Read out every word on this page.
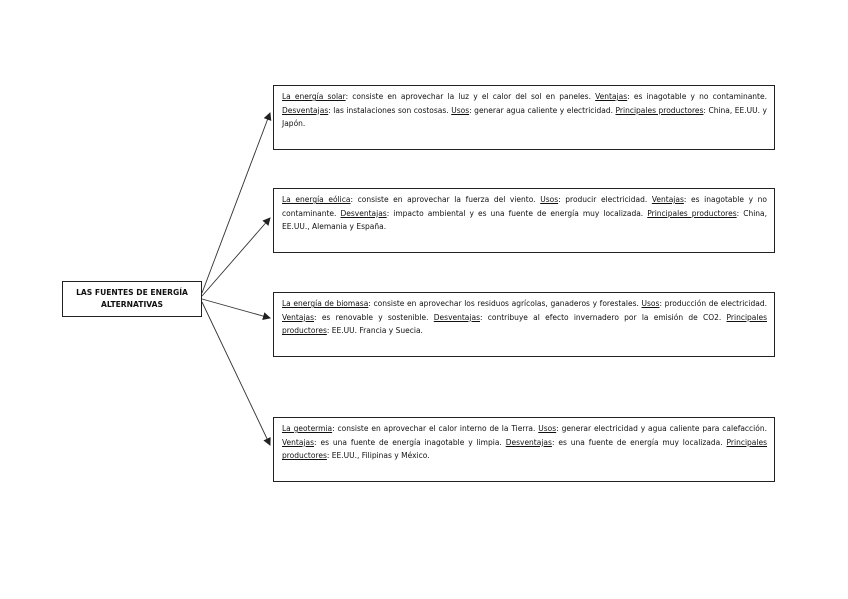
LAS FUENTES DE ENERGÍA
ALTERNATIVAS
La energía solar: consiste en aprovechar la luz y el calor del sol en paneles. Ventajas: es inagotable y no contaminante. Desventajas: las instalaciones son costosas. Usos: generar agua caliente y electricidad. Principales productores: China, EE.UU. y Japón.
La energía eólica: consiste en aprovechar la fuerza del viento. Usos: producir electricidad. Ventajas: es inagotable y no contaminante. Desventajas: impacto ambiental y es una fuente de energía muy localizada. Principales productores: China, EE.UU., Alemania y España.
La energía de biomasa: consiste en aprovechar los residuos agrícolas, ganaderos y forestales. Usos: producción de electricidad. Ventajas: es renovable y sostenible. Desventajas: contribuye al efecto invernadero por la emisión de CO2. Principales productores: EE.UU. Francia y Suecia.
La geotermia: consiste en aprovechar el calor interno de la Tierra. Usos: generar electricidad y agua caliente para calefacción. Ventajas: es una fuente de energía inagotable y limpia. Desventajas: es una fuente de energía muy localizada. Principales productores: EE.UU., Filipinas y México.
